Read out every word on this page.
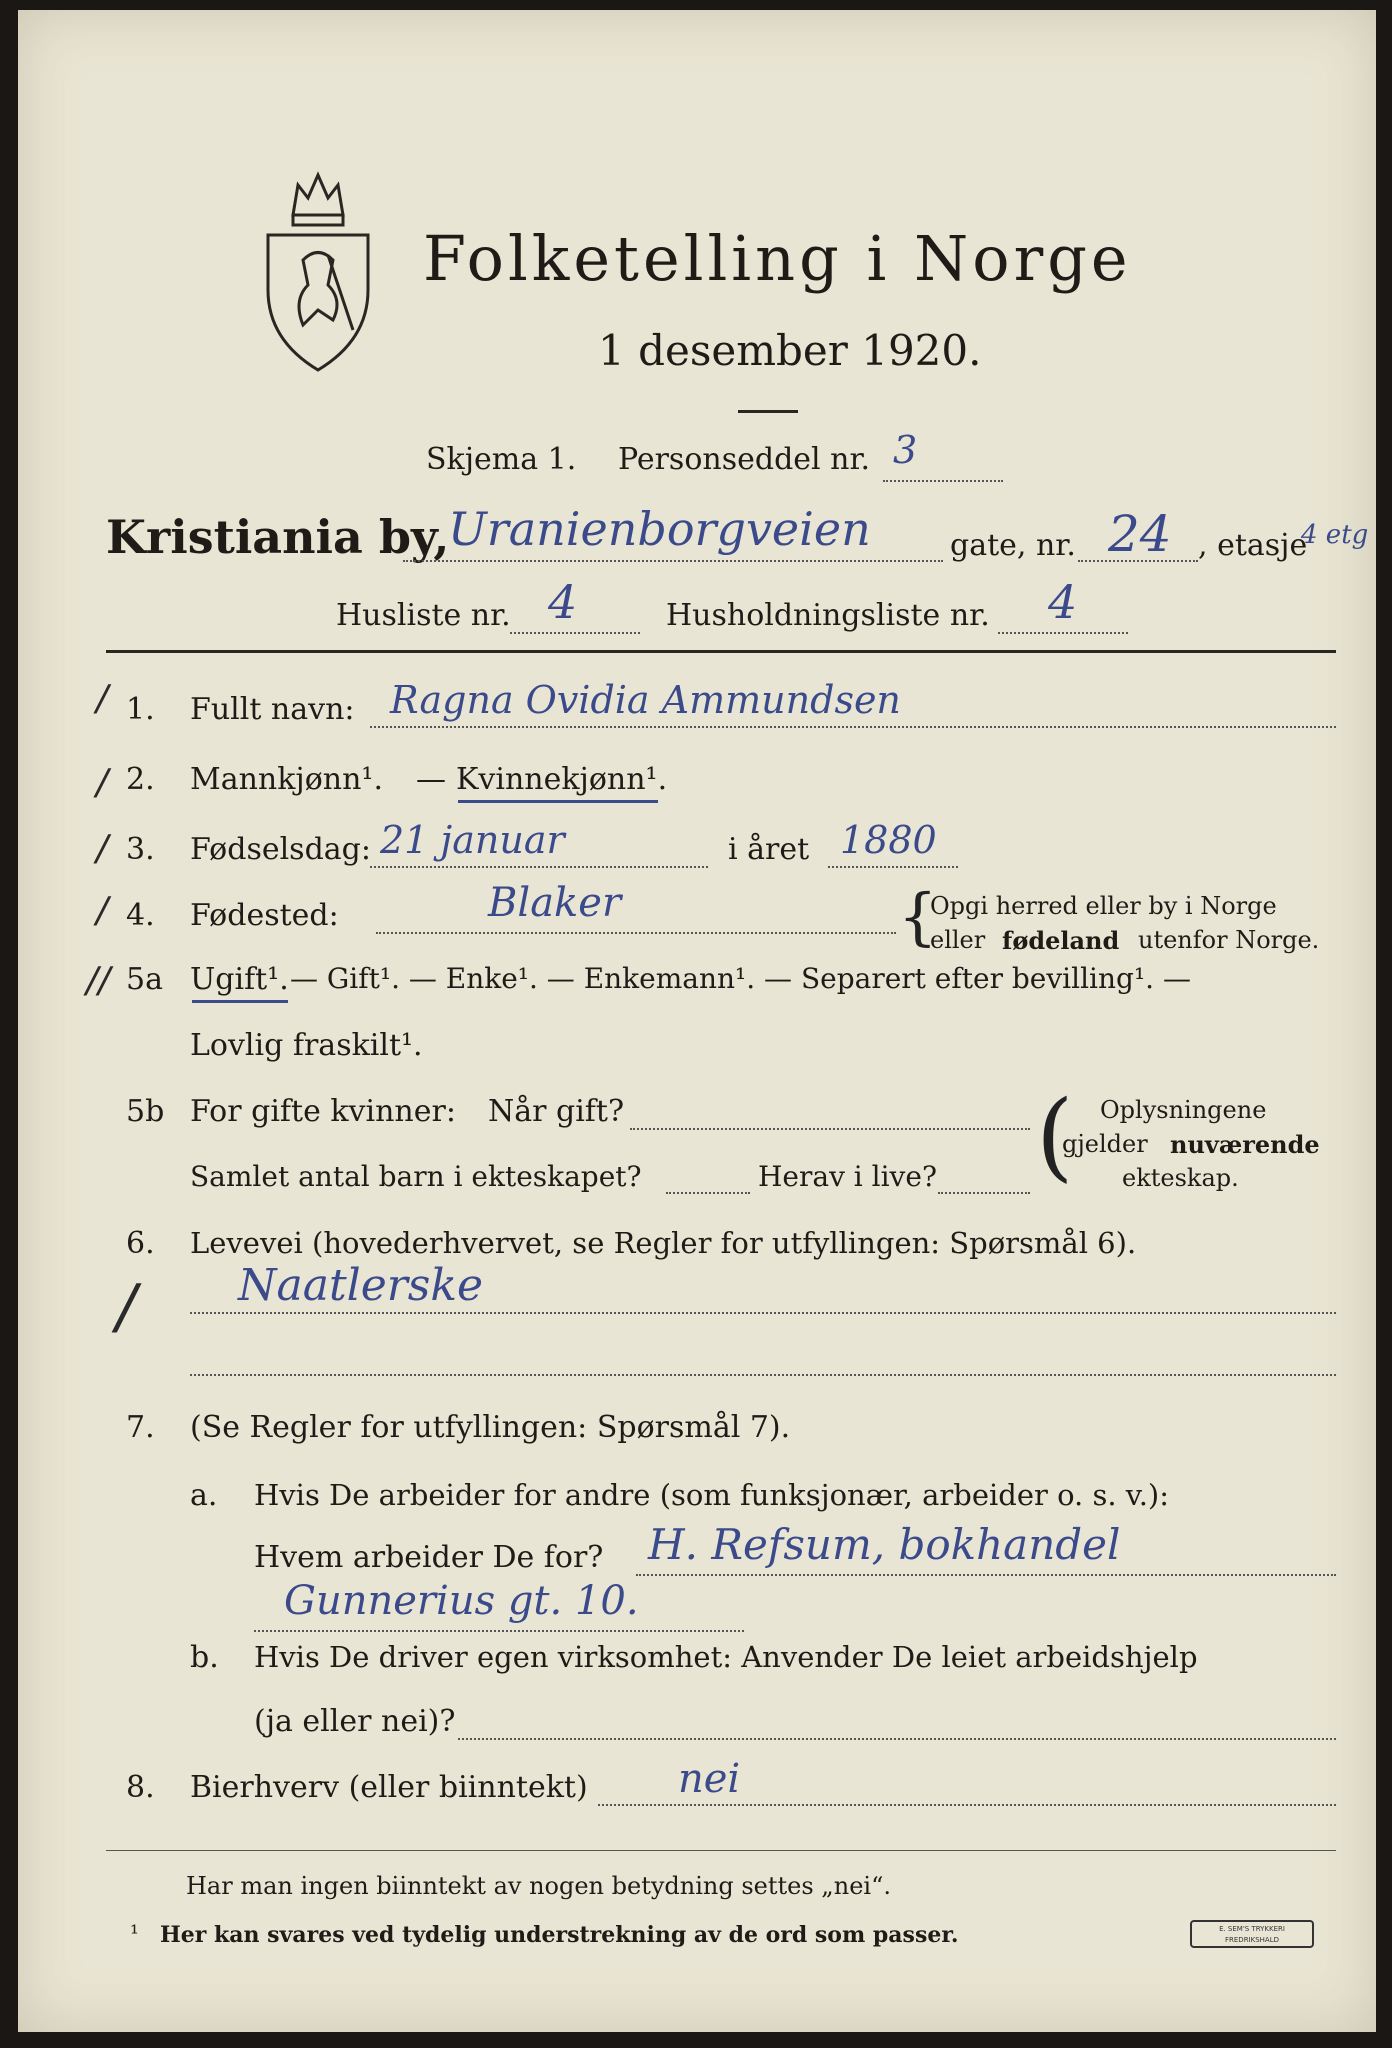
Folketelling i Norge
1 desember 1920.
Skjema 1. Personseddel nr. 3
Kristiania by,
Uranienborgveien	gate, nr. 24 , etasje
4 etg
Husliste nr. 4	Husholdningsliste nr. 4
/
/
/
/
//
/
1. Fullt navn: Ragna Ovidia Ammundsen
2. Mannkjønn¹. — Kvinnekjønn¹.
3. Fødselsdag: 21 januar	i året 1880
4. Fødested:	Blaker	{
Opgi herred eller by i Norge
eller fødeland utenfor Norge.
5a Ugift¹. — Gift¹. — Enke¹. — Enkemann¹. — Separert efter bevilling¹. —
Lovlig fraskilt¹.
5b For gifte kvinner: Når gift?
Samlet antal barn i ekteskapet?	Herav i live? ( Oplysningene
gjelder nuværende
ekteskap.
6. Levevei (hovederhvervet, se Regler for utfyllingen: Spørsmål 6).
Naatlerske
7. (Se Regler for utfyllingen: Spørsmål 7).
a. Hvis De arbeider for andre (som funksjonær, arbeider o. s. v.):
Hvem arbeider De for? H. Refsum, bokhandel
Gunnerius gt. 10.
b. Hvis De driver egen virksomhet: Anvender De leiet arbeidshjelp
(ja eller nei)?
8. Bierhverv (eller biinntekt) nei
Har man ingen biinntekt av nogen betydning settes „nei“.
¹ Her kan svares ved tydelig understrekning av de ord som passer.	E. SEM'S TRYKKERI FREDRIKSHALD
